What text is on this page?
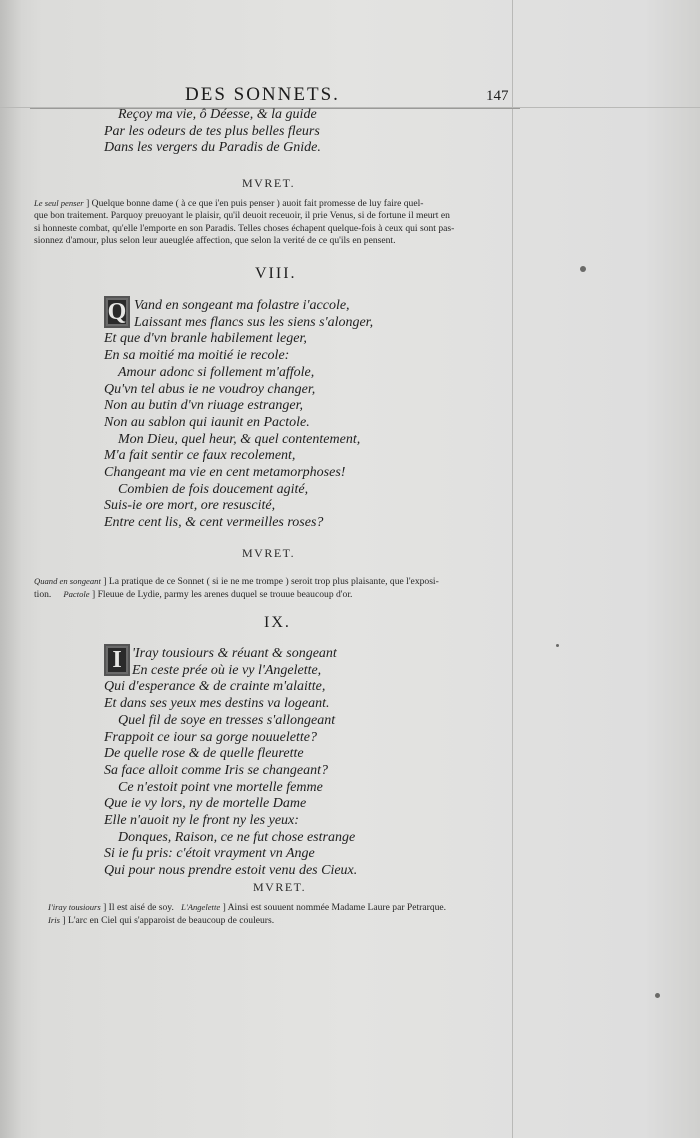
DES SONNETS.	147
Reçoy ma vie, ô Déesse, & la guide
Par les odeurs de tes plus belles fleurs
Dans les vergers du Paradis de Gnide.
MVRET.
Le seul penser ] Quelque bonne dame ( à ce que i'en puis penser ) auoit fait promesse de luy faire quel-
que bon traitement. Parquoy preuoyant le plaisir, qu'il deuoit receuoir, il prie Venus, si de fortune il meurt en
si honneste combat, qu'elle l'emporte en son Paradis. Telles choses échapent quelque-fois à ceux qui sont pas-
sionnez d'amour, plus selon leur aueuglée affection, que selon la verité de ce qu'ils en pensent.
VIII.
Q Vand en songeant ma folastre i'accole,
Laissant mes flancs sus les siens s'alonger,
Et que d'vn branle habilement leger,
En sa moitié ma moitié ie recole:
Amour adonc si follement m'affole,
Qu'vn tel abus ie ne voudroy changer,
Non au butin d'vn riuage estranger,
Non au sablon qui iaunit en Pactole.
Mon Dieu, quel heur, & quel contentement,
M'a fait sentir ce faux recolement,
Changeant ma vie en cent metamorphoses!
Combien de fois doucement agité,
Suis-ie ore mort, ore resuscité,
Entre cent lis, & cent vermeilles roses?
MVRET.
Quand en songeant ] La pratique de ce Sonnet ( si ie ne me trompe ) seroit trop plus plaisante, que l'exposi-
tion. Pactole ] Fleuue de Lydie, parmy les arenes duquel se trouue beaucoup d'or.
IX.
I 'Iray tousiours & réuant & songeant
En ceste prée où ie vy l'Angelette,
Qui d'esperance & de crainte m'alaitte,
Et dans ses yeux mes destins va logeant.
Quel fil de soye en tresses s'allongeant
Frappoit ce iour sa gorge nouuelette?
De quelle rose & de quelle fleurette
Sa face alloit comme Iris se changeant?
Ce n'estoit point vne mortelle femme
Que ie vy lors, ny de mortelle Dame
Elle n'auoit ny le front ny les yeux:
Donques, Raison, ce ne fut chose estrange
Si ie fu pris: c'étoit vrayment vn Ange
Qui pour nous prendre estoit venu des Cieux.
MVRET.
I'iray tousiours ] Il est aisé de soy. L'Angelette ] Ainsi est souuent nommée Madame Laure par Petrarque.
Iris ] L'arc en Ciel qui s'apparoist de beaucoup de couleurs.
